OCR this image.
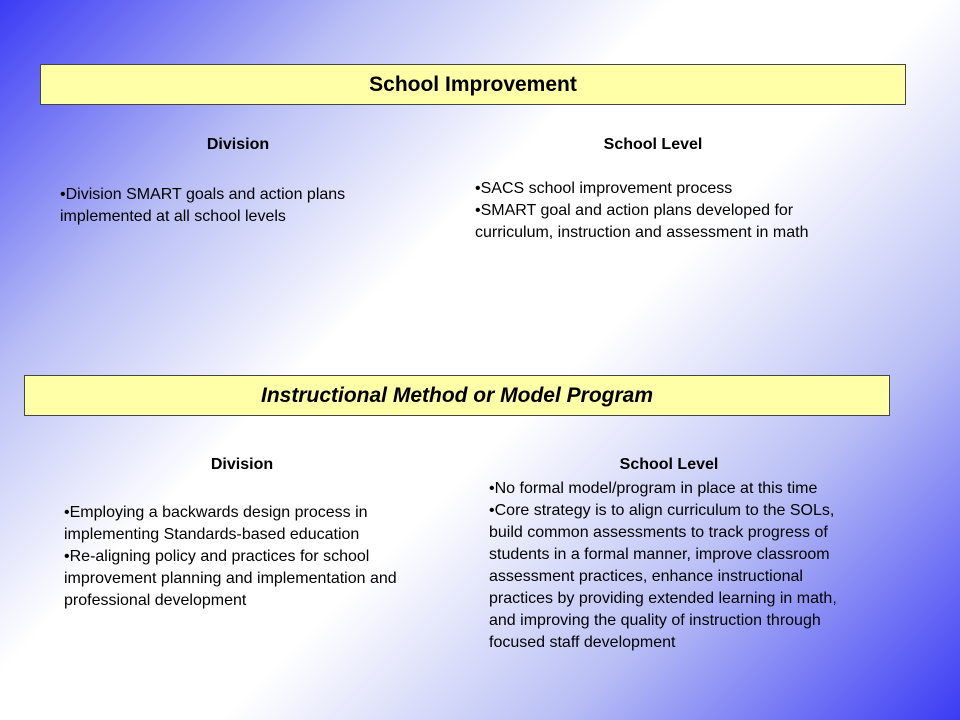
School Improvement
Division
• Division SMART goals and action plans implemented at all school levels
School Level
• SACS school improvement process
• SMART goal and action plans developed for curriculum, instruction and assessment in math
Instructional Method or Model Program
Division
• Employing a backwards design process in implementing Standards-based education
• Re-aligning policy and practices for school improvement planning and implementation and professional development
School Level
• No formal model/program in place at this time
• Core strategy is to align curriculum to the SOLs, build common assessments to track progress of students in a formal manner, improve classroom assessment practices, enhance instructional practices by providing extended learning in math, and improving the quality of instruction through focused staff development
